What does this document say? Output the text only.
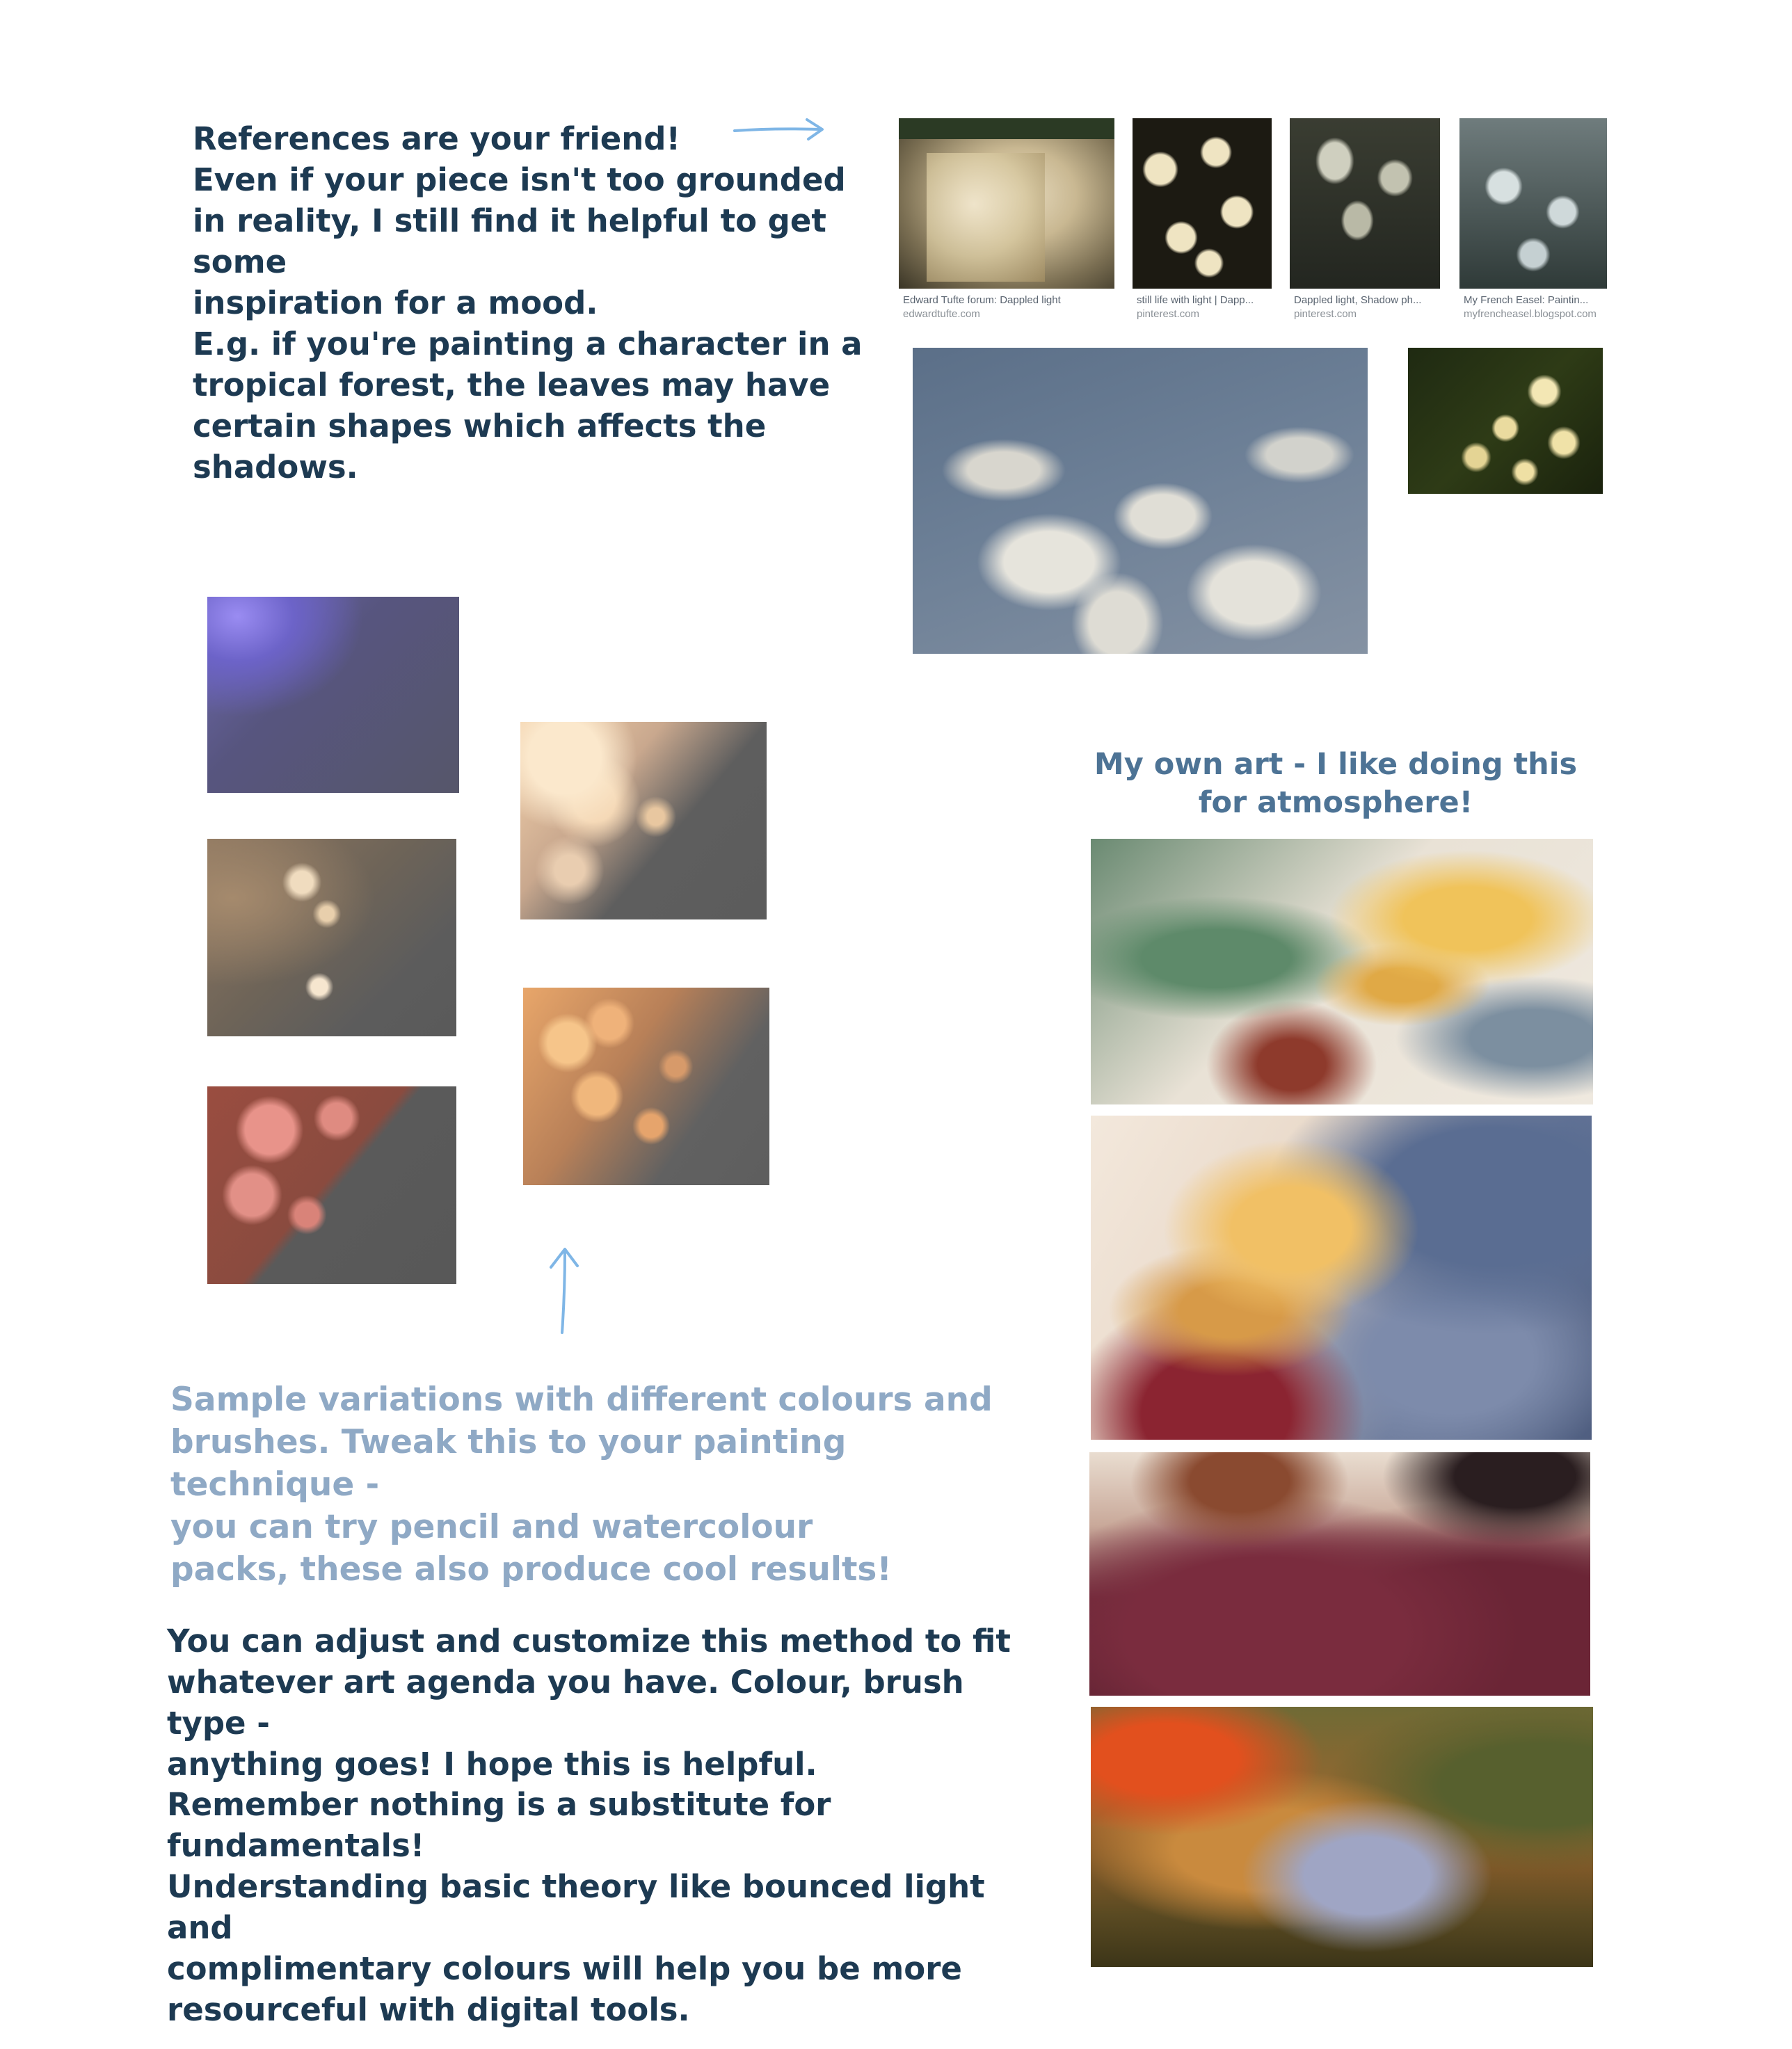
References are your friend!
Even if your piece isn't too grounded
in reality, I still find it helpful to get some
inspiration for a mood.

E.g. if you're painting a character in a
tropical forest, the leaves may have
certain shapes which affects the
shadows.

Edward Tufte forum: Dappled light
edwardtufte.com
still life with light | Dapp...
pinterest.com
Dappled light, Shadow ph...
pinterest.com
My French Easel: Paintin...
myfrencheasel.blogspot.com

Sample variations with different colours and
brushes. Tweak this to your painting technique -
you can try pencil and watercolour
packs, these also produce cool results!

My own art - I like doing this
for atmosphere!

You can adjust and customize this method to fit
whatever art agenda you have. Colour, brush type -
anything goes! I hope this is helpful.

Remember nothing is a substitute for fundamentals!
Understanding basic theory like bounced light and
complimentary colours will help you be more
resourceful with digital tools.
